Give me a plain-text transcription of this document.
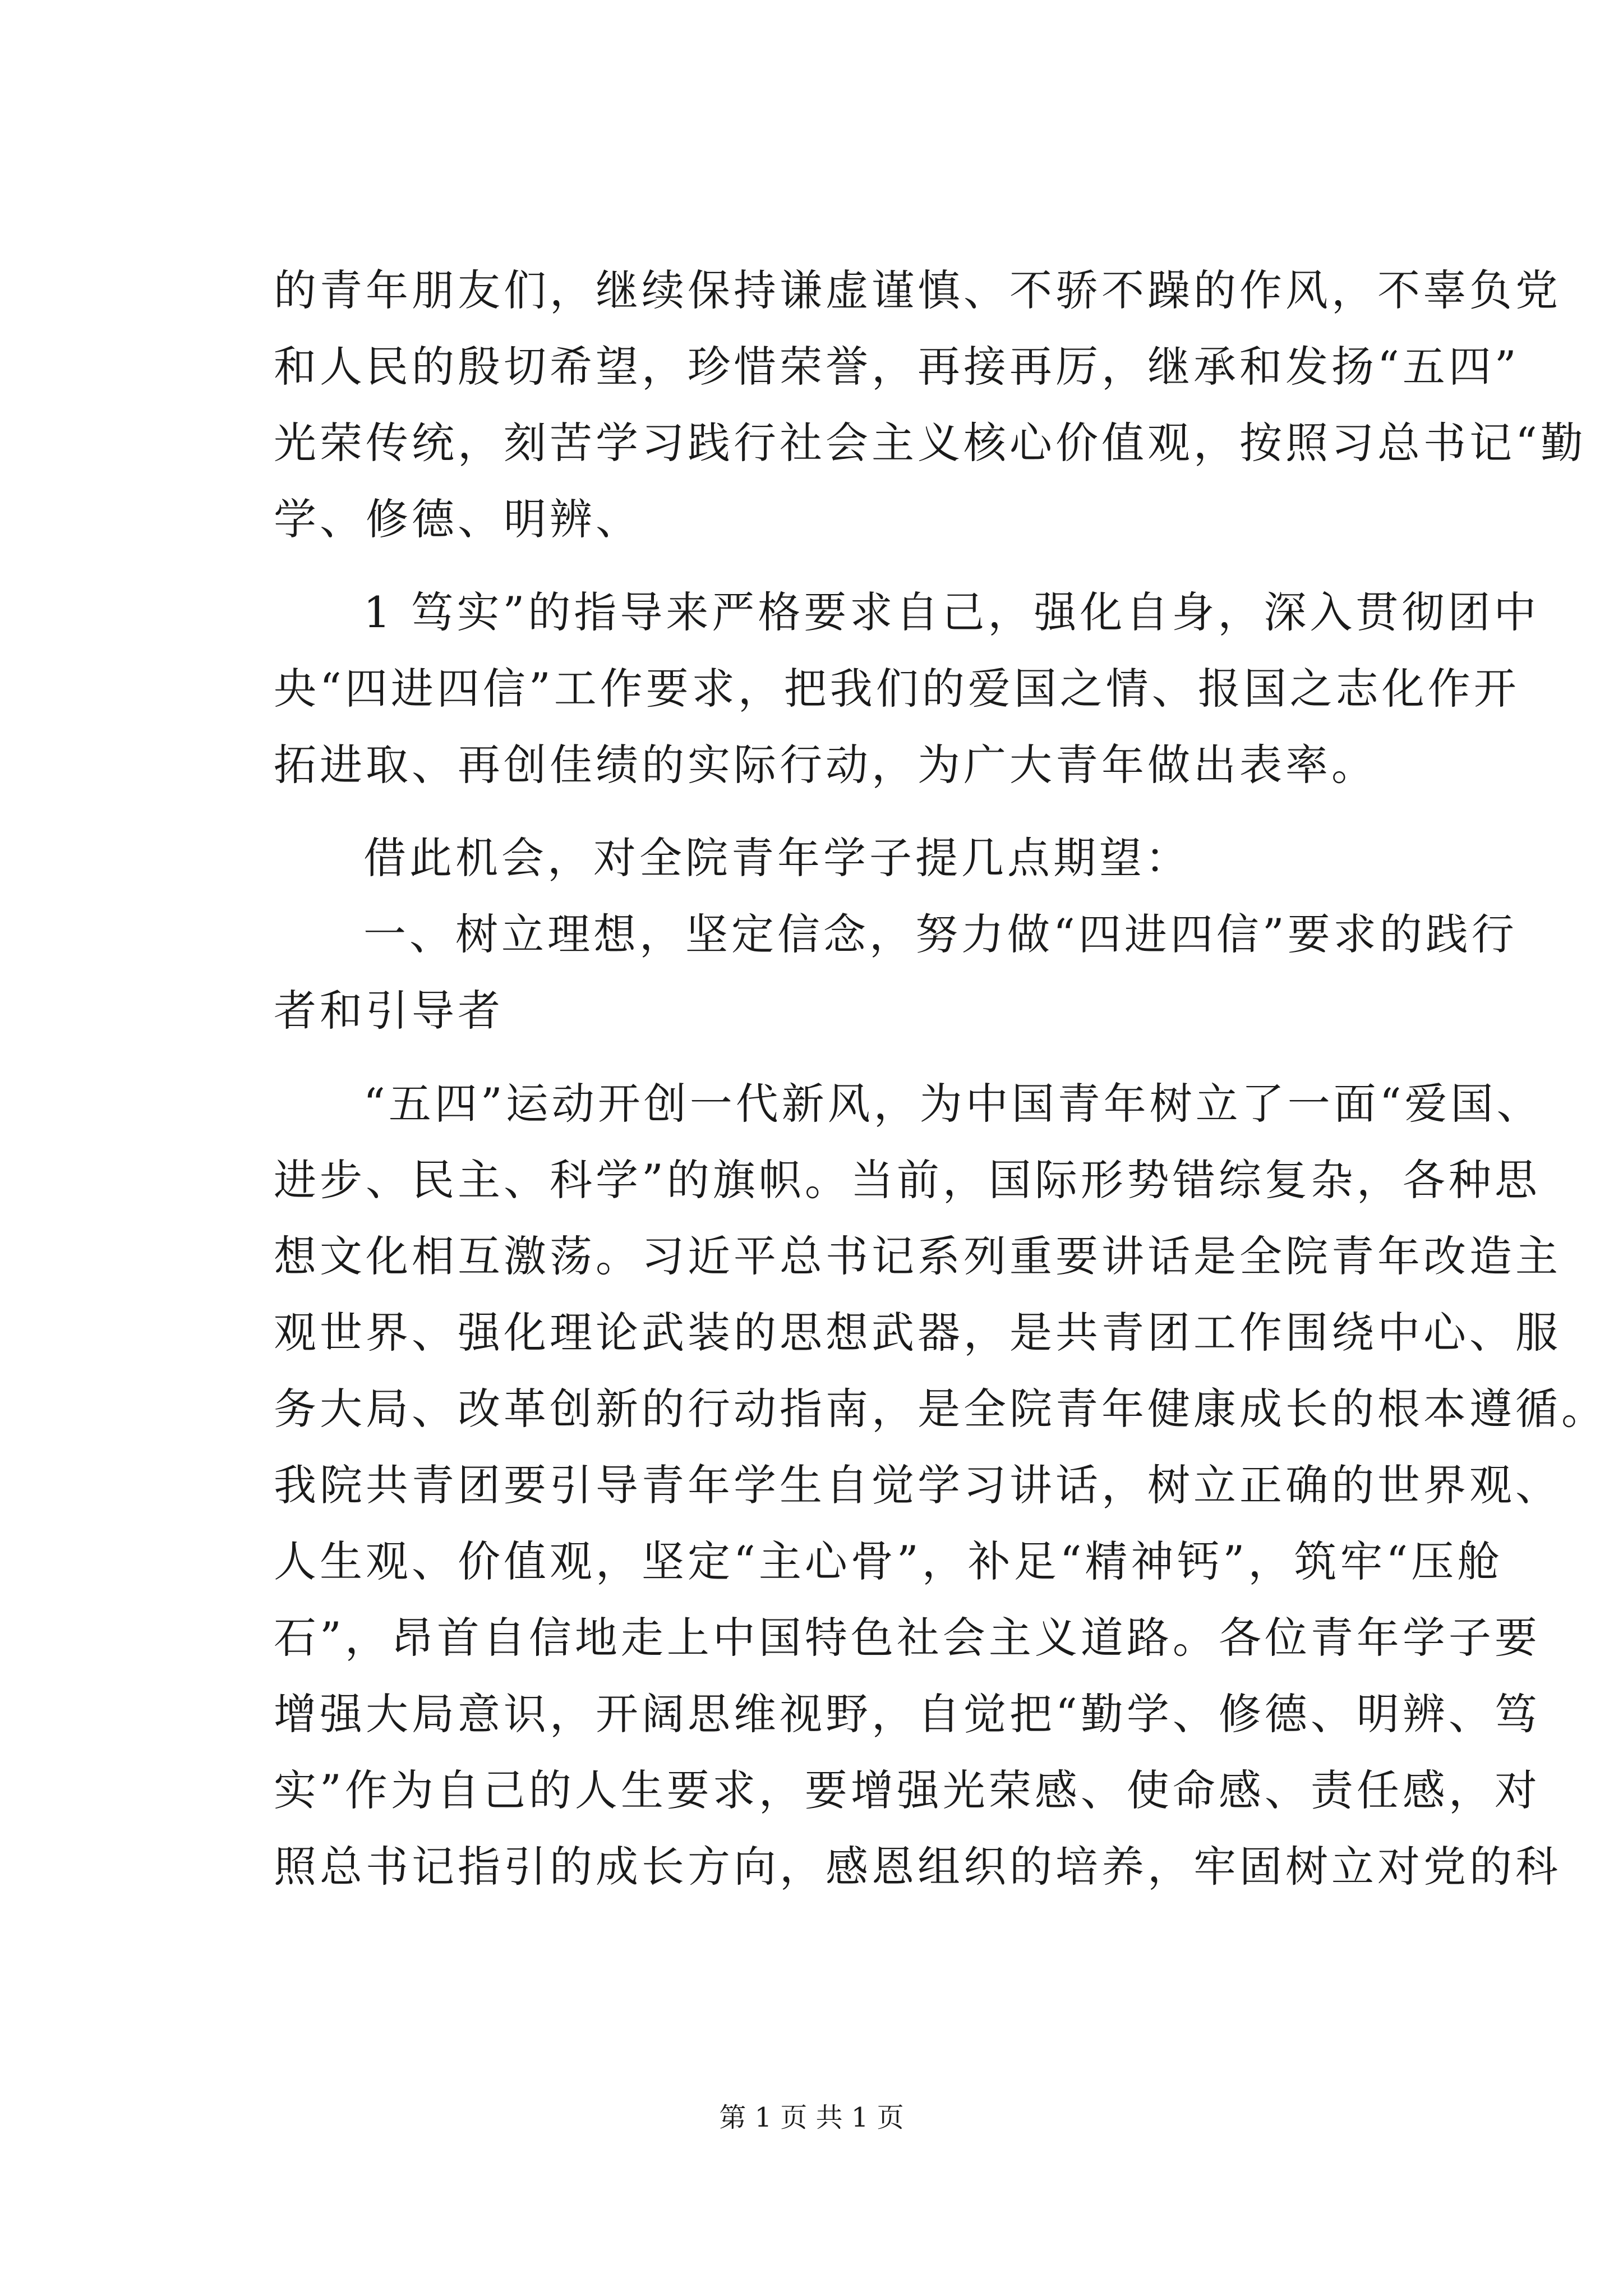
的青年朋友们，继续保持谦虚谨慎、不骄不躁的作风，不辜负党
和人民的殷切希望，珍惜荣誉，再接再厉，继承和发扬“五四”
光荣传统，刻苦学习践行社会主义核心价值观，按照习总书记“勤
学、修德、明辨、
1 笃实”的指导来严格要求自己，强化自身，深入贯彻团中
央“四进四信”工作要求，把我们的爱国之情、报国之志化作开
拓进取、再创佳绩的实际行动，为广大青年做出表率。
借此机会，对全院青年学子提几点期望：
一、树立理想，坚定信念，努力做“四进四信”要求的践行
者和引导者
“五四”运动开创一代新风，为中国青年树立了一面“爱国、
进步、民主、科学”的旗帜。当前，国际形势错综复杂，各种思
想文化相互激荡。习近平总书记系列重要讲话是全院青年改造主
观世界、强化理论武装的思想武器，是共青团工作围绕中心、服
务大局、改革创新的行动指南，是全院青年健康成长的根本遵循。
我院共青团要引导青年学生自觉学习讲话，树立正确的世界观、
人生观、价值观，坚定“主心骨”，补足“精神钙”，筑牢“压舱
石”，昂首自信地走上中国特色社会主义道路。各位青年学子要
增强大局意识，开阔思维视野，自觉把“勤学、修德、明辨、笃
实”作为自己的人生要求，要增强光荣感、使命感、责任感，对
照总书记指引的成长方向，感恩组织的培养，牢固树立对党的科
第 1 页 共 1 页
